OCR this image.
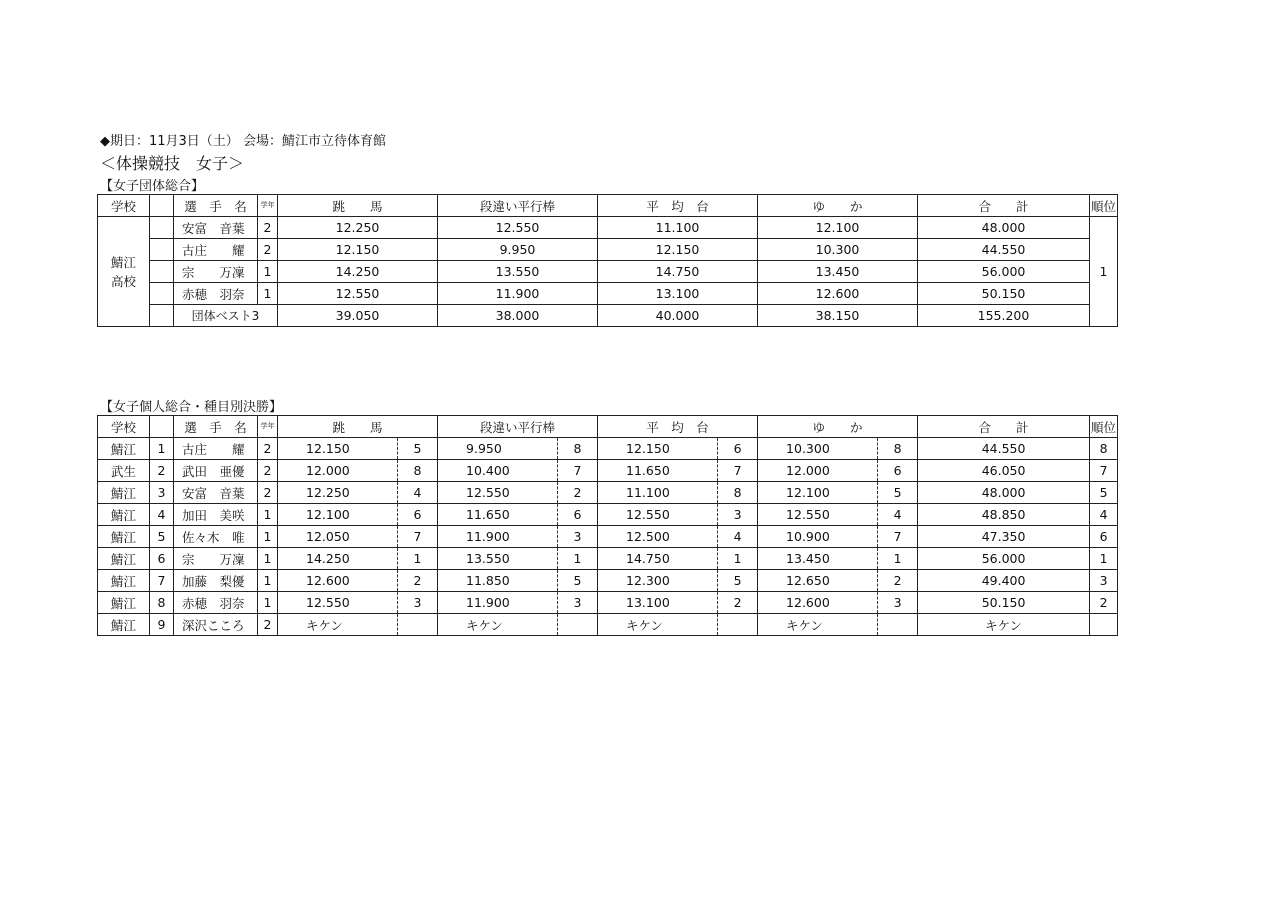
◆期日：11月3日（土） 会場：鯖江市立待体育館
＜体操競技　女子＞
【女子団体総合】
学校		選　手　名	学年	跳　　馬	段違い平行棒	平　均　台	ゆ　　か	合　　計	順位

鯖江
高校		安富　音葉	2	12.250	12.550	11.100	12.100	48.000	1
		古庄　　耀	2	12.150	9.950	12.150	10.300	44.550	
		宗　　万凜	1	14.250	13.550	14.750	13.450	56.000	
		赤穂　羽奈	1	12.550	11.900	13.100	12.600	50.150	
		団体ベスト3		39.050	38.000	40.000	38.150	155.200	
【女子個人総合・種目別決勝】
学校		選　手　名	学年	跳　　馬		段違い平行棒		平　均　台		ゆ　　か		合　　計	順位
鯖江	1	古庄　　耀	2	12.150	5	9.950	8	12.150	6	10.300	8	44.550	8
武生	2	武田　亜優	2	12.000	8	10.400	7	11.650	7	12.000	6	46.050	7
鯖江	3	安富　音葉	2	12.250	4	12.550	2	11.100	8	12.100	5	48.000	5
鯖江	4	加田　美咲	1	12.100	6	11.650	6	12.550	3	12.550	4	48.850	4
鯖江	5	佐々木　唯	1	12.050	7	11.900	3	12.500	4	10.900	7	47.350	6
鯖江	6	宗　　万凜	1	14.250	1	13.550	1	14.750	1	13.450	1	56.000	1
鯖江	7	加藤　梨優	1	12.600	2	11.850	5	12.300	5	12.650	2	49.400	3
鯖江	8	赤穂　羽奈	1	12.550	3	11.900	3	13.100	2	12.600	3	50.150	2
鯖江	9	深沢こころ	2	キケン		キケン		キケン		キケン		キケン	
